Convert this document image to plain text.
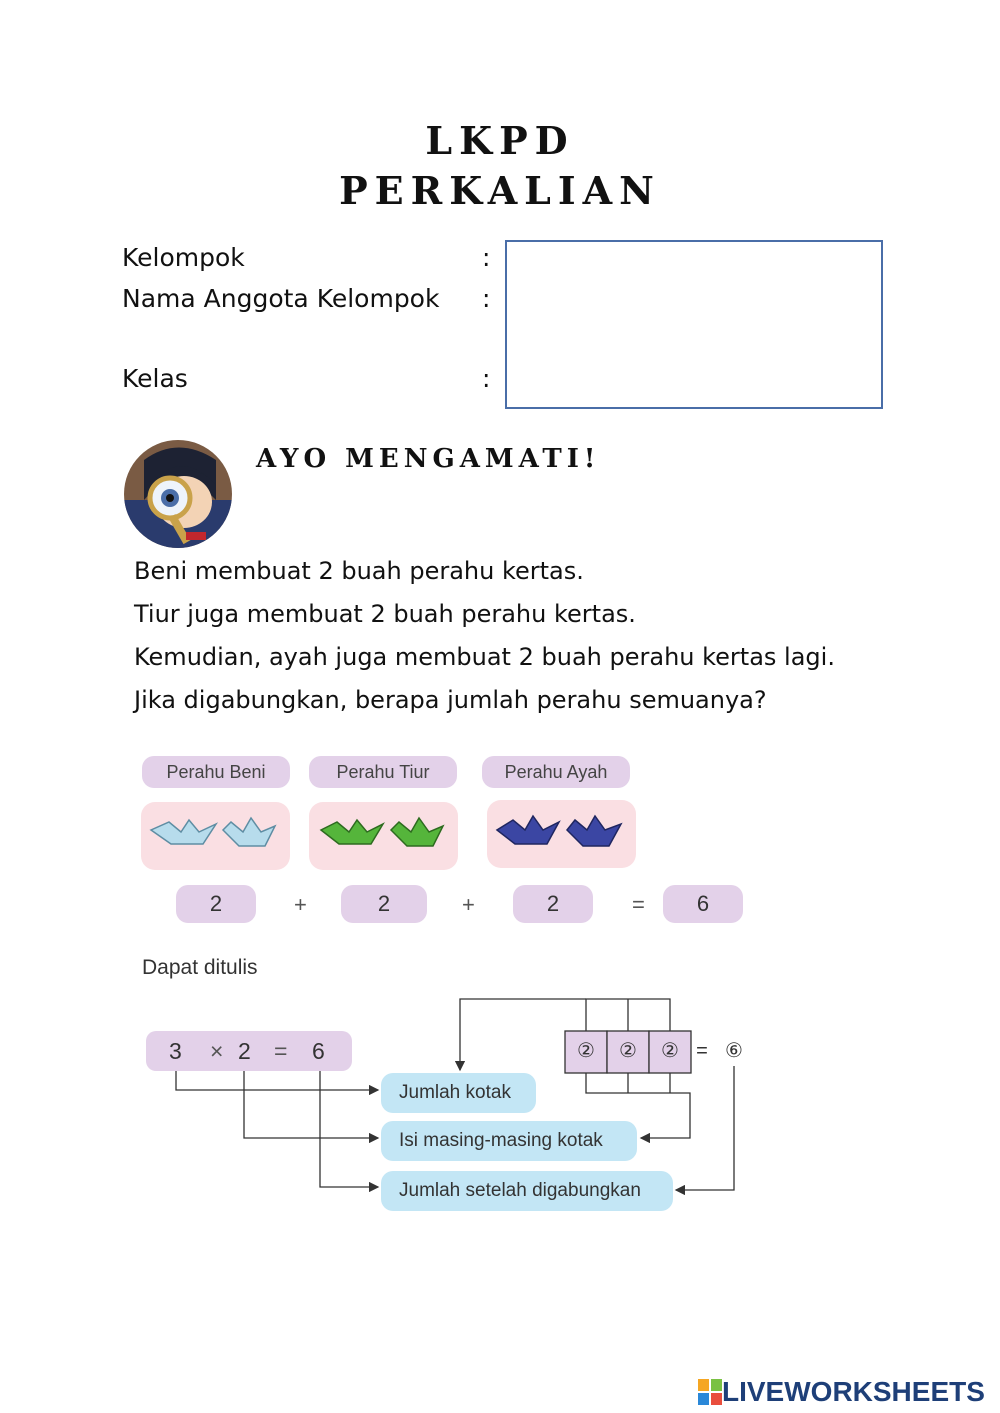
LKPD
PERKALIAN
Kelompok	:
Nama Anggota Kelompok :
Kelas	:
AYO MENGAMATI!
Beni membuat 2 buah perahu kertas.
Tiur juga membuat 2 buah perahu kertas.
Kemudian, ayah juga membuat 2 buah perahu kertas lagi.
Jika digabungkan, berapa jumlah perahu semuanya?
Perahu Beni	Perahu Tiur	Perahu Ayah
2	+	2	+	2	=	6
Dapat ditulis
②	②	② = ⑥
3 × 2 = 6
Jumlah kotak
Isi masing-masing kotak
Jumlah setelah digabungkan
LIVEWORKSHEETS
